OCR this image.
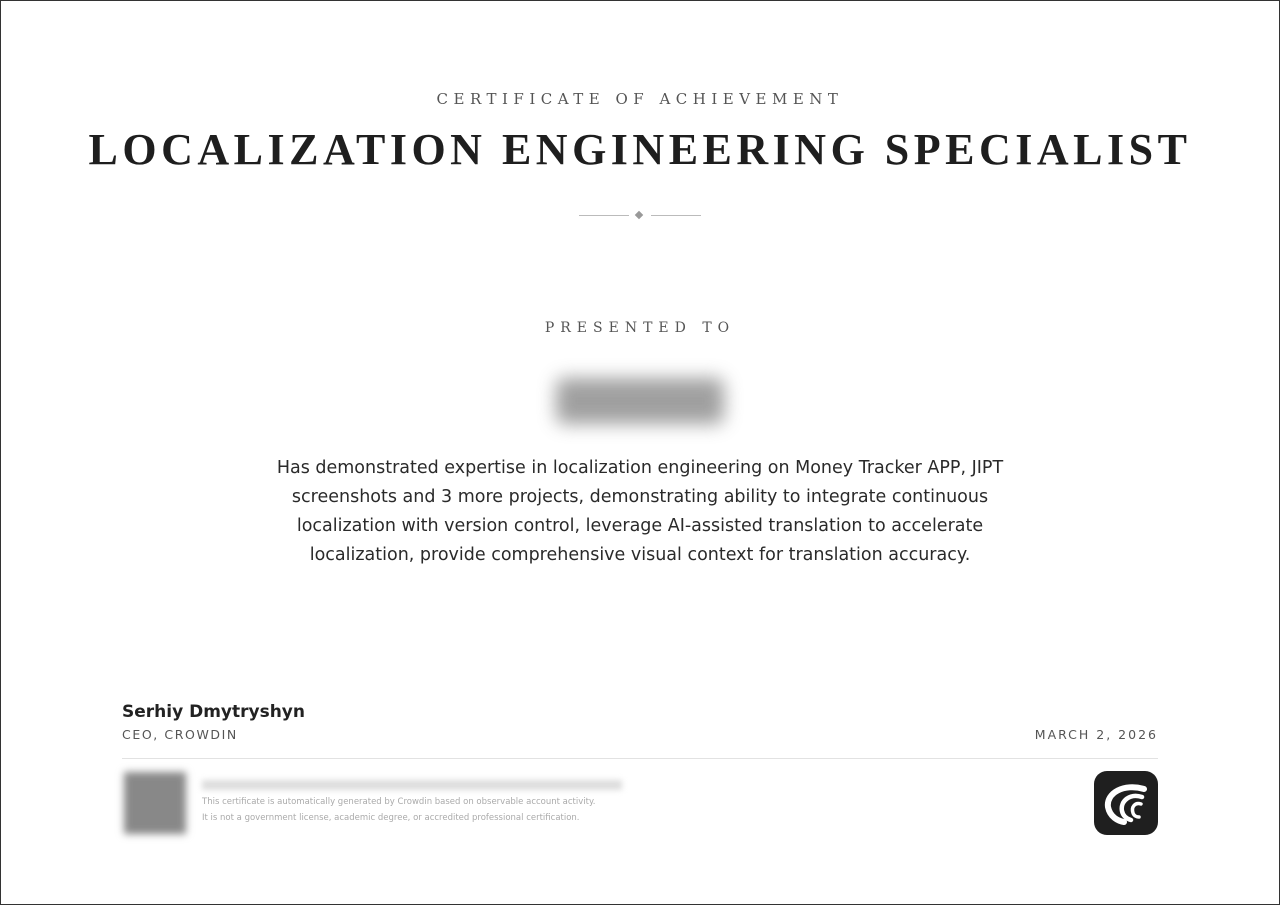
CERTIFICATE OF ACHIEVEMENT
LOCALIZATION ENGINEERING SPECIALIST
PRESENTED TO
Has demonstrated expertise in localization engineering on Money Tracker APP, JIPT screenshots and 3 more projects, demonstrating ability to integrate continuous localization with version control, leverage AI-assisted translation to accelerate localization, provide comprehensive visual context for translation accuracy.
Serhiy Dmytryshyn
CEO, CROWDIN	MARCH 2, 2026
This certificate is automatically generated by Crowdin based on observable account activity.
It is not a government license, academic degree, or accredited professional certification.
